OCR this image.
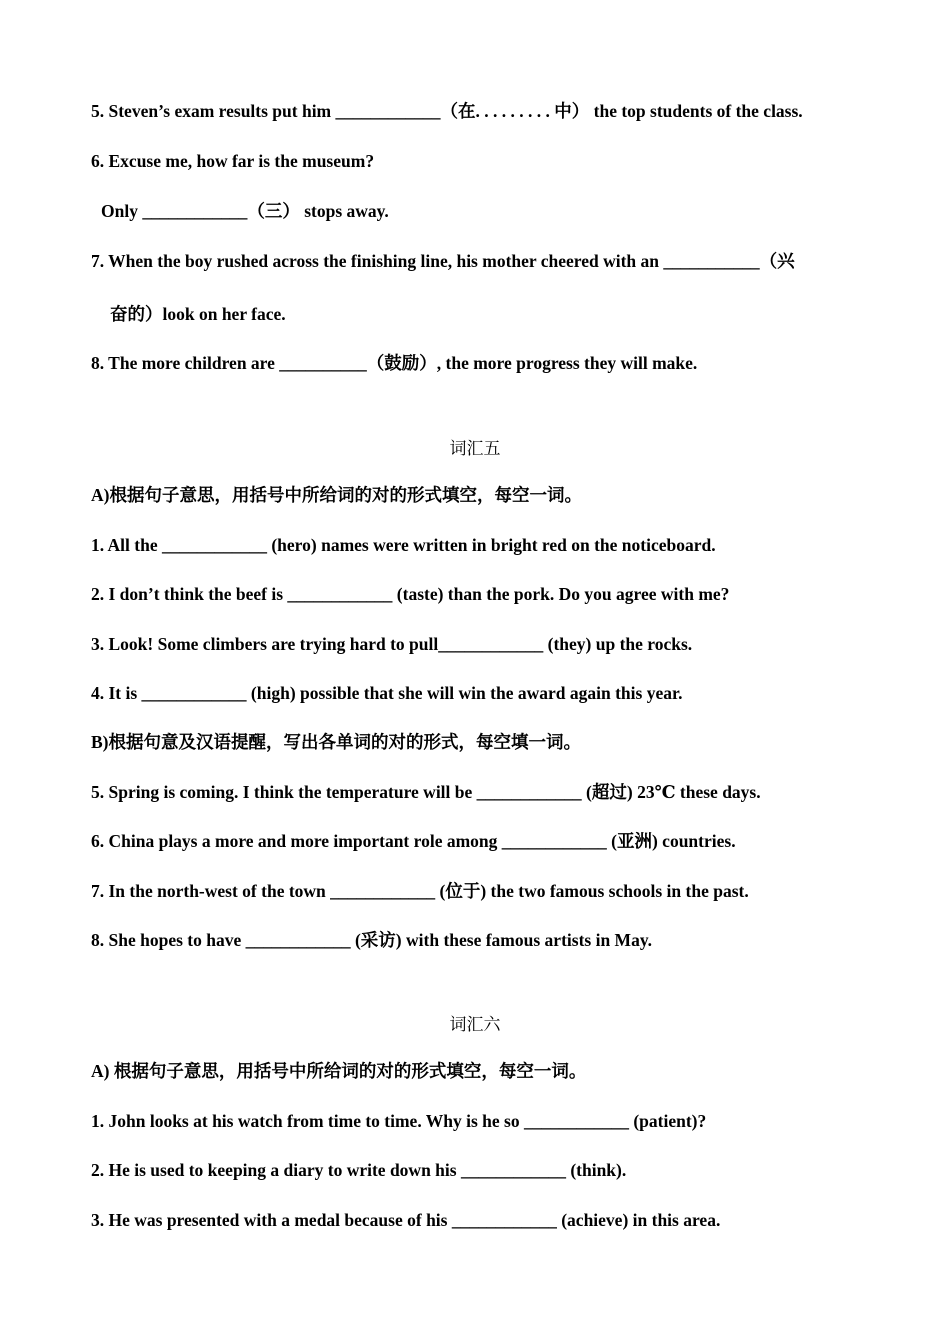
5. Steven’s exam results put him ____________（在. . . . . . . . . 中） the top students of the class.
6. Excuse me, how far is the museum?
Only ____________（三） stops away.
7. When the boy rushed across the finishing line, his mother cheered with an ___________（兴
奋的）look on her face.
8. The more children are __________（鼓励）, the more progress they will make.
词汇五
A)根据句子意思，用括号中所给词的对的形式填空，每空一词。
1. All the ____________ (hero) names were written in bright red on the noticeboard.
2. I don’t think the beef is ____________ (taste) than the pork. Do you agree with me?
3. Look! Some climbers are trying hard to pull____________ (they) up the rocks.
4. It is ____________ (high) possible that she will win the award again this year.
B)根据句意及汉语提醒，写出各单词的对的形式，每空填一词。
5. Spring is coming. I think the temperature will be ____________ (超过) 23℃ these days.
6. China plays a more and more important role among ____________ (亚洲) countries.
7. In the north-west of the town ____________ (位于) the two famous schools in the past.
8. She hopes to have ____________ (采访) with these famous artists in May.
词汇六
A) 根据句子意思，用括号中所给词的对的形式填空，每空一词。
1. John looks at his watch from time to time. Why is he so ____________ (patient)?
2. He is used to keeping a diary to write down his ____________ (think).
3. He was presented with a medal because of his ____________ (achieve) in this area.
